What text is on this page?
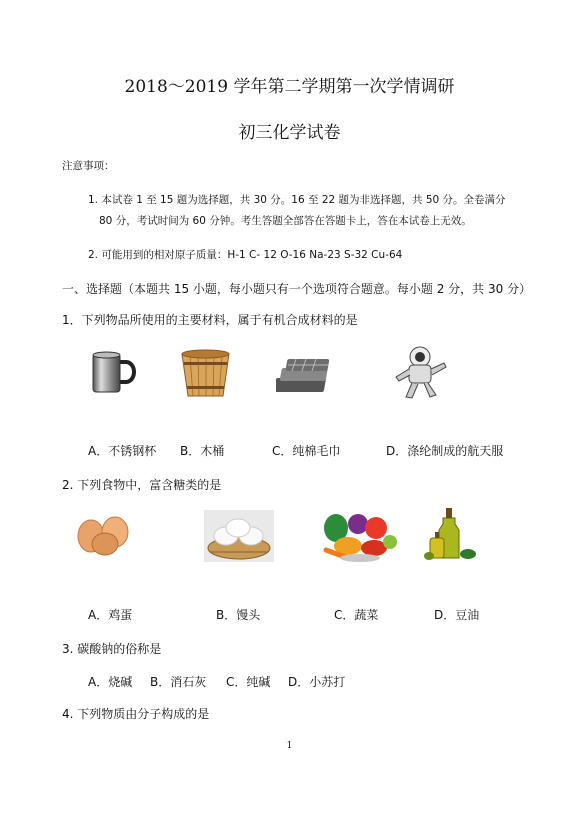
2018～2019 学年第二学期第一次学情调研
初三化学试卷
注意事项：
1. 本试卷 1 至 15 题为选择题，共 30 分。16 至 22 题为非选择题，共 50 分。全卷满分
80 分，考试时间为 60 分钟。考生答题全部答在答题卡上，答在本试卷上无效。
2. 可能用到的相对原子质量：H-1 C- 12 O-16 Na-23 S-32 Cu-64
一、选择题（本题共 15 小题，每小题只有一个选项符合题意。每小题 2 分，共 30 分）
1．下列物品所使用的主要材料，属于有机合成材料的是
A．不锈钢杯 B．木桶	C．纯棉毛巾	D．涤纶制成的航天服
2. 下列食物中，富含糖类的是
A．鸡蛋	B．馒头	C．蔬菜	D．豆油
3. 碳酸钠的俗称是
A．烧碱 B．消石灰 C．纯碱 D．小苏打
4. 下列物质由分子构成的是
1
